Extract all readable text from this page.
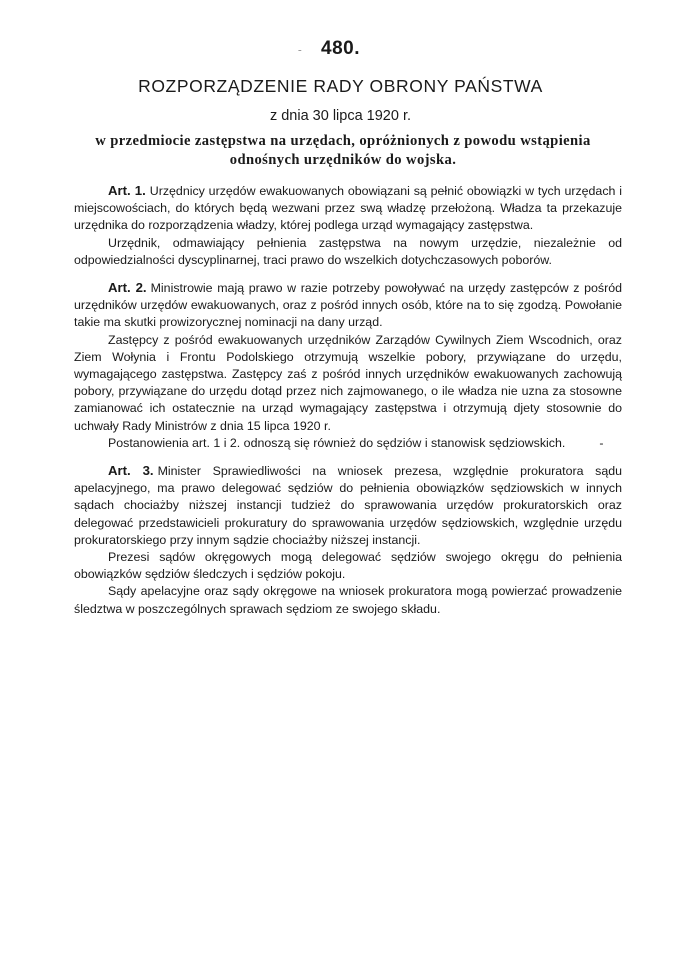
-	480.
ROZPORZĄDZENIE RADY OBRONY PAŃSTWA
z dnia 30 lipca 1920 r.
w przedmiocie zastępstwa na urzędach, opróżnionych z powodu wstąpienia odnośnych urzędników do wojska.

Art. 1. Urzędnicy urzędów ewakuowanych obowiązani są pełnić obowiązki w tych urzędach i miejscowościach, do których będą wezwani przez swą władzę przełożoną. Władza ta przekazuje urzędnika do rozporządzenia władzy, której podlega urząd wymagający zastępstwa.

Urzędnik, odmawiający pełnienia zastępstwa na nowym urzędzie, niezależnie od odpowiedzialności dyscyplinarnej, traci prawo do wszelkich dotychczasowych poborów.

Art. 2. Ministrowie mają prawo w razie potrzeby powoływać na urzędy zastępców z pośród urzędników urzędów ewakuowanych, oraz z pośród innych osób, które na to się zgodzą. Powołanie takie ma skutki prowizorycznej nominacji na dany urząd.

Zastępcy z pośród ewakuowanych urzędników Zarządów Cywilnych Ziem Wscodnich, oraz Ziem Wołynia i Frontu Podolskiego otrzymują wszelkie pobory, przywiązane do urzędu, wymagającego zastępstwa. Zastępcy zaś z pośród innych urzędników ewakuowanych zachowują pobory, przywiązane do urzędu dotąd przez nich zajmowanego, o ile władza nie uzna za stosowne zamianować ich ostatecznie na urząd wymagający zastępstwa i otrzymują djety stosownie do uchwały Rady Ministrów z dnia 15 lipca 1920 r.

Postanowienia art. 1 i 2. odnoszą się również do sędziów i stanowisk sędziowskich.	-

Art. 3. Minister Sprawiedliwości na wniosek prezesa, względnie prokuratora sądu apelacyjnego, ma prawo delegować sędziów do pełnienia obowiązków sędziowskich w innych sądach chociażby niższej instancji tudzież do sprawowania urzędów prokuratorskich oraz delegować przedstawicieli prokuratury do sprawowania urzędów sędziowskich, względnie urzędu prokuratorskiego przy innym sądzie chociażby niższej instancji.

Prezesi sądów okręgowych mogą delegować sędziów swojego okręgu do pełnienia obowiązków sędziów śledczych i sędziów pokoju.

Sądy apelacyjne oraz sądy okręgowe na wniosek prokuratora mogą powierzać prowadzenie śledztwa w poszczególnych sprawach sędziom ze swojego składu.
